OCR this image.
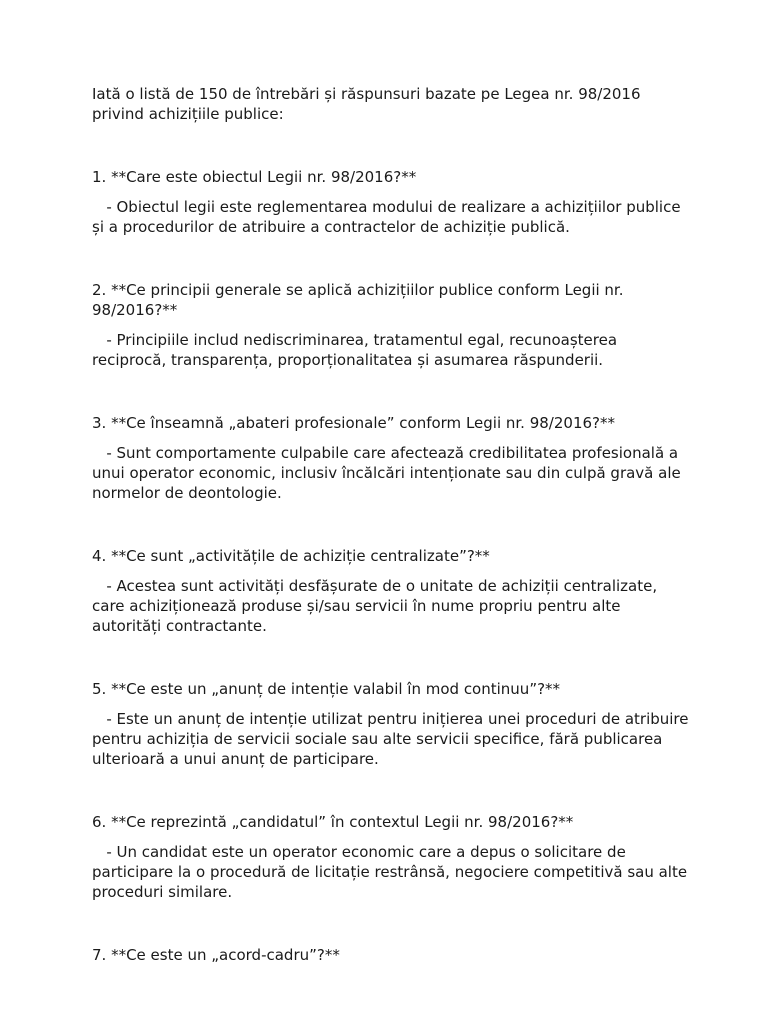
Iată o listă de 150 de întrebări și răspunsuri bazate pe Legea nr. 98/2016 privind achizițiile publice:

1. **Care este obiectul Legii nr. 98/2016?**

- Obiectul legii este reglementarea modului de realizare a achizițiilor publice și a procedurilor de atribuire a contractelor de achiziție publică.

2. **Ce principii generale se aplică achizițiilor publice conform Legii nr. 98/2016?**

- Principiile includ nediscriminarea, tratamentul egal, recunoașterea reciprocă, transparența, proporționalitatea și asumarea răspunderii.

3. **Ce înseamnă „abateri profesionale” conform Legii nr. 98/2016?**

- Sunt comportamente culpabile care afectează credibilitatea profesională a unui operator economic, inclusiv încălcări intenționate sau din culpă gravă ale normelor de deontologie.

4. **Ce sunt „activitățile de achiziție centralizate”?**

- Acestea sunt activități desfășurate de o unitate de achiziții centralizate, care achiziționează produse și/sau servicii în nume propriu pentru alte autorități contractante.

5. **Ce este un „anunț de intenție valabil în mod continuu”?**

- Este un anunț de intenție utilizat pentru inițierea unei proceduri de atribuire pentru achiziția de servicii sociale sau alte servicii specifice, fără publicarea ulterioară a unui anunț de participare.

6. **Ce reprezintă „candidatul” în contextul Legii nr. 98/2016?**

- Un candidat este un operator economic care a depus o solicitare de participare la o procedură de licitație restrânsă, negociere competitivă sau alte proceduri similare.

7. **Ce este un „acord-cadru”?**
